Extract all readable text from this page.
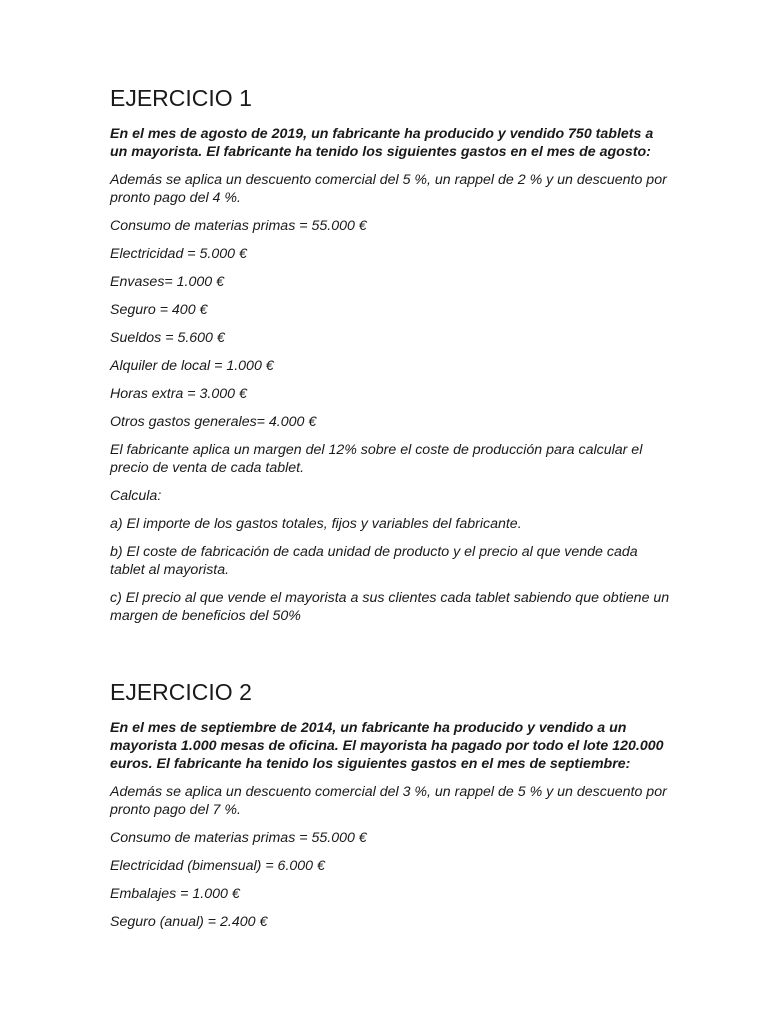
EJERCICIO 1

En el mes de agosto de 2019, un fabricante ha producido y vendido 750 tablets a un mayorista. El fabricante ha tenido los siguientes gastos en el mes de agosto:

Además se aplica un descuento comercial del 5 %, un rappel de 2 % y un descuento por pronto pago del 4 %.

Consumo de materias primas = 55.000 €

Electricidad = 5.000 €

Envases= 1.000 €

Seguro = 400 €

Sueldos = 5.600 €

Alquiler de local = 1.000 €

Horas extra = 3.000 €

Otros gastos generales= 4.000 €

El fabricante aplica un margen del 12% sobre el coste de producción para calcular el precio de venta de cada tablet.

Calcula:

a) El importe de los gastos totales, fijos y variables del fabricante.

b) El coste de fabricación de cada unidad de producto y el precio al que vende cada tablet al mayorista.

c) El precio al que vende el mayorista a sus clientes cada tablet sabiendo que obtiene un margen de beneficios del 50%

EJERCICIO 2

En el mes de septiembre de 2014, un fabricante ha producido y vendido a un mayorista 1.000 mesas de oficina. El mayorista ha pagado por todo el lote 120.000 euros. El fabricante ha tenido los siguientes gastos en el mes de septiembre:

Además se aplica un descuento comercial del 3 %, un rappel de 5 % y un descuento por pronto pago del 7 %.

Consumo de materias primas = 55.000 €

Electricidad (bimensual) = 6.000 €

Embalajes = 1.000 €

Seguro (anual) = 2.400 €
